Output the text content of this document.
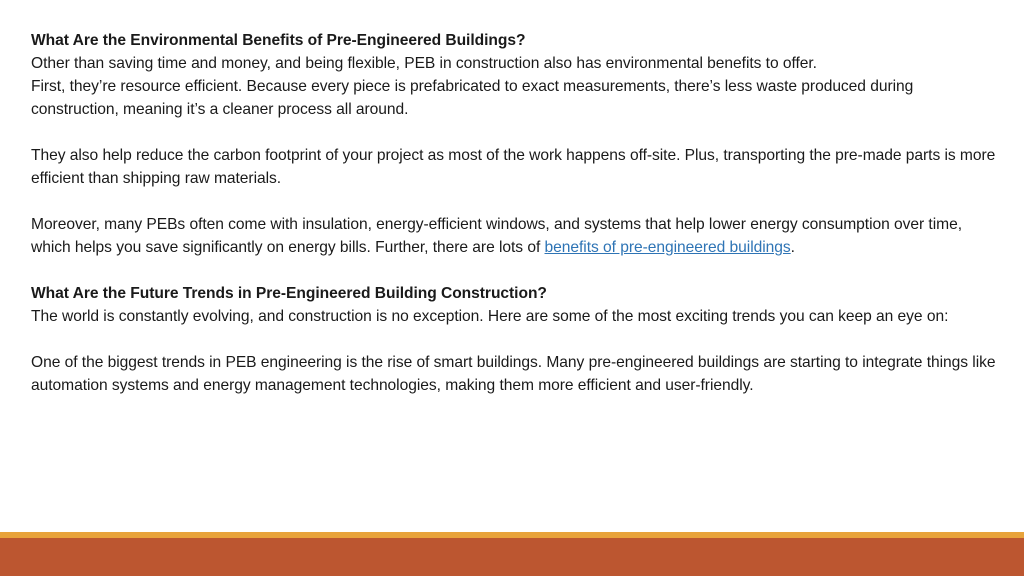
What Are the Environmental Benefits of Pre-Engineered Buildings?

Other than saving time and money, and being flexible, PEB in construction also has environmental benefits to offer.

First, they’re resource efficient. Because every piece is prefabricated to exact measurements, there’s less waste produced during construction, meaning it’s a cleaner process all around.

They also help reduce the carbon footprint of your project as most of the work happens off-site. Plus, transporting the pre-made parts is more efficient than shipping raw materials.

Moreover, many PEBs often come with insulation, energy-efficient windows, and systems that help lower energy consumption over time, which helps you save significantly on energy bills. Further, there are lots of benefits of pre-engineered buildings.

What Are the Future Trends in Pre-Engineered Building Construction?

The world is constantly evolving, and construction is no exception. Here are some of the most exciting trends you can keep an eye on:

One of the biggest trends in PEB engineering is the rise of smart buildings. Many pre-engineered buildings are starting to integrate things like automation systems and energy management technologies, making them more efficient and user-friendly.
